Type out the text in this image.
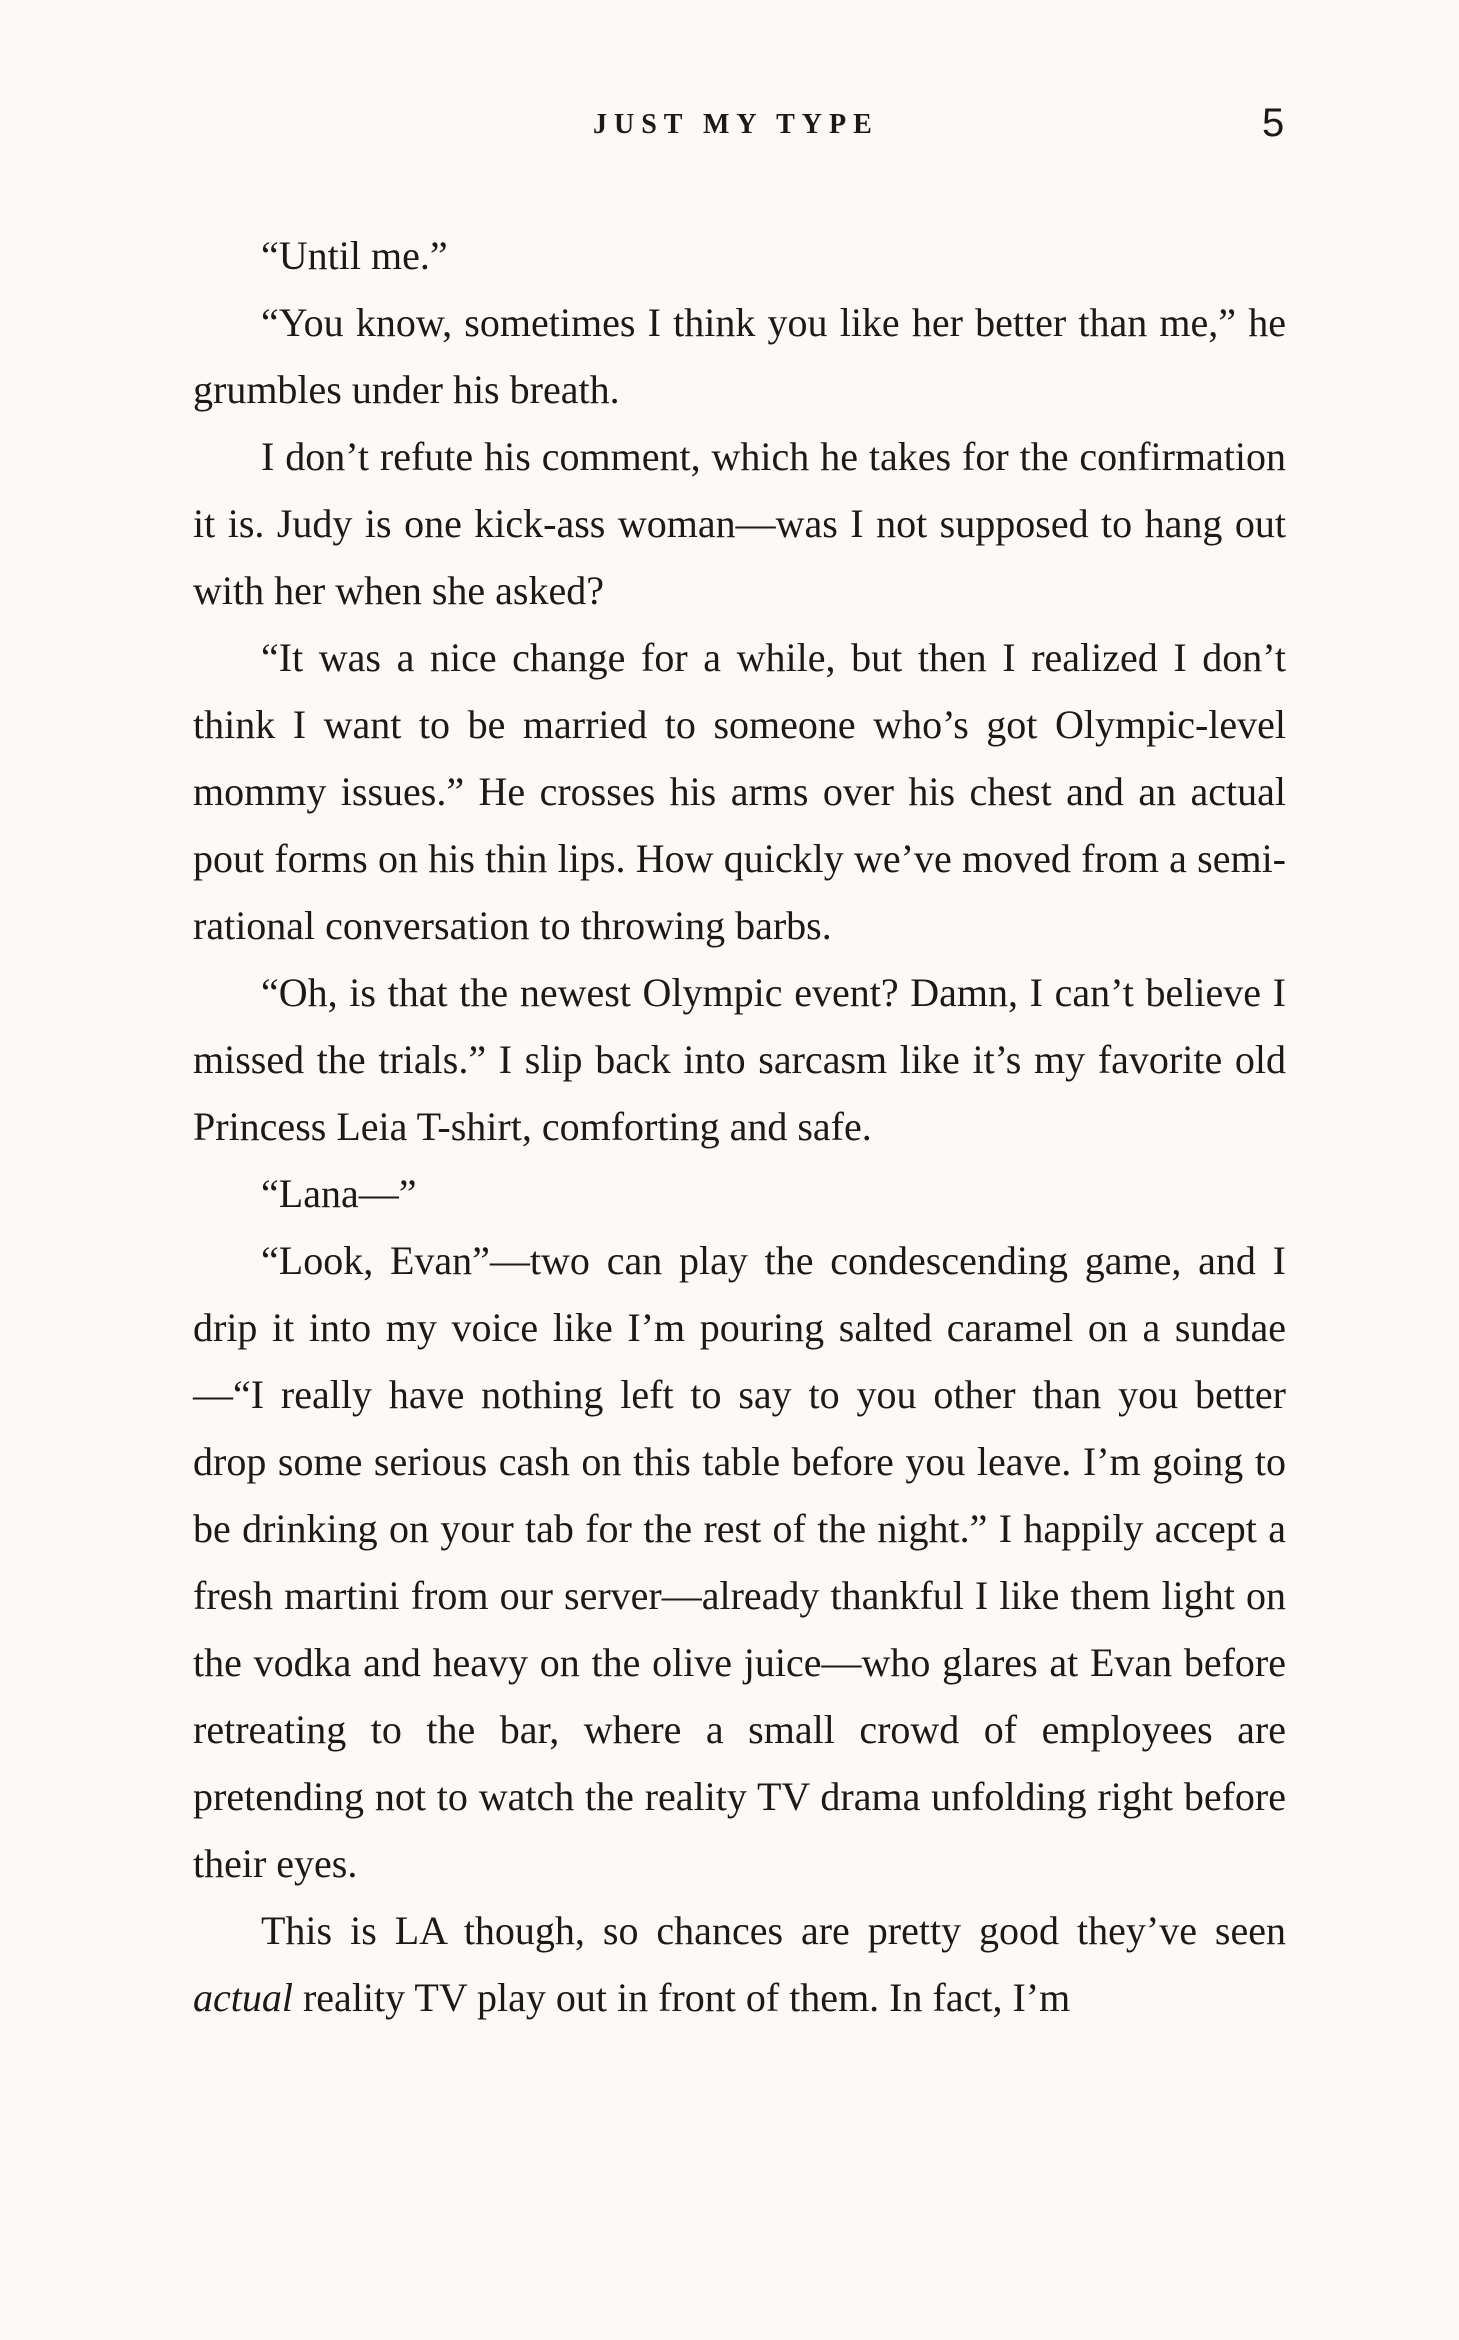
JUST MY TYPE	5

“Until me.”

“You know, sometimes I think you like her better than me,” he grumbles under his breath.

I don’t refute his comment, which he takes for the confirmation it is. Judy is one kick-ass woman—was I not supposed to hang out with her when she asked?

“It was a nice change for a while, but then I realized I don’t think I want to be married to someone who’s got Olympic-level mommy issues.” He crosses his arms over his chest and an actual pout forms on his thin lips. How quickly we’ve moved from a semi-rational conversation to throwing barbs.

“Oh, is that the newest Olympic event? Damn, I can’t believe I missed the trials.” I slip back into sarcasm like it’s my favorite old Princess Leia T-shirt, comforting and safe.

“Lana—”

“Look, Evan”—two can play the condescending game, and I drip it into my voice like I’m pouring salted caramel on a sundae—“I really have nothing left to say to you other than you better drop some serious cash on this table before you leave. I’m going to be drinking on your tab for the rest of the night.” I happily accept a fresh martini from our server—already thankful I like them light on the vodka and heavy on the olive juice—who glares at Evan before retreating to the bar, where a small crowd of employees are pretending not to watch the reality TV drama unfolding right before their eyes.

This is LA though, so chances are pretty good they’ve seen actual reality TV play out in front of them. In fact, I’m
